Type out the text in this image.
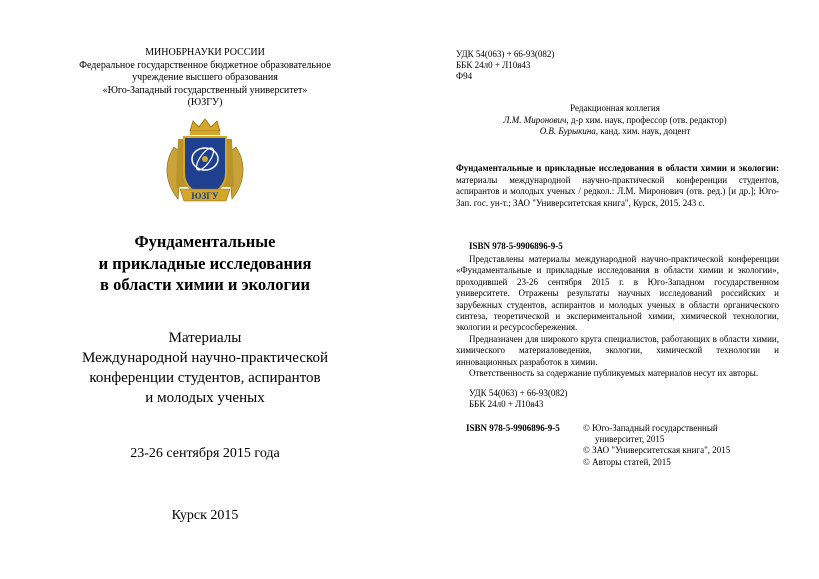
МИНОБРНАУКИ РОССИИ
Федеральное государственное бюджетное образовательное
учреждение высшего образования
«Юго-Западный государственный университет»
(ЮЗГУ)
ЮЗГУ
Фундаментальные
и прикладные исследования
в области химии и экологии
Материалы
Международной научно-практической
конференции студентов, аспирантов
и молодых ученых
23-26 сентября 2015 года
Курск 2015
УДК 54(063) + 66-93(082)
ББК 24л0 + Л10я43
Ф94
Редакционная коллегия
Л.М. Миронович, д-р хим. наук, профессор (отв. редактор)
О.В. Бурыкина, канд. хим. наук, доцент
Фундаментальные и прикладные исследования в области химии и экологии: материалы международной научно-практической конференции студентов, аспирантов и молодых ученых / редкол.: Л.М. Миронович (отв. ред.) [и др.]; Юго-Зап. гос. ун-т.; ЗАО "Университетская книга", Курск, 2015. 243 с.
ISBN 978-5-9906896-9-5

Представлены материалы международной научно-практической конференции «Фундаментальные и прикладные исследования в области химии и экологии», проходившей 23-26 сентября 2015 г. в Юго-Западном государственном университете. Отражены результаты научных исследований российских и зарубежных студентов, аспирантов и молодых ученых в области органического синтеза, теоретической и экспериментальной химии, химической технологии, экологии и ресурсосбережения.

Предназначен для широкого круга специалистов, работающих в области химии, химического материаловедения, экологии, химической технологии и инновационных разработок в химии.

Ответственность за содержание публикуемых материалов несут их авторы.

УДК 54(063) + 66-93(082)
ББК 24л0 + Л10я43
ISBN 978-5-9906896-9-5	© Юго-Западный государственный
университет, 2015
© ЗАО "Университетская книга", 2015
© Авторы статей, 2015
